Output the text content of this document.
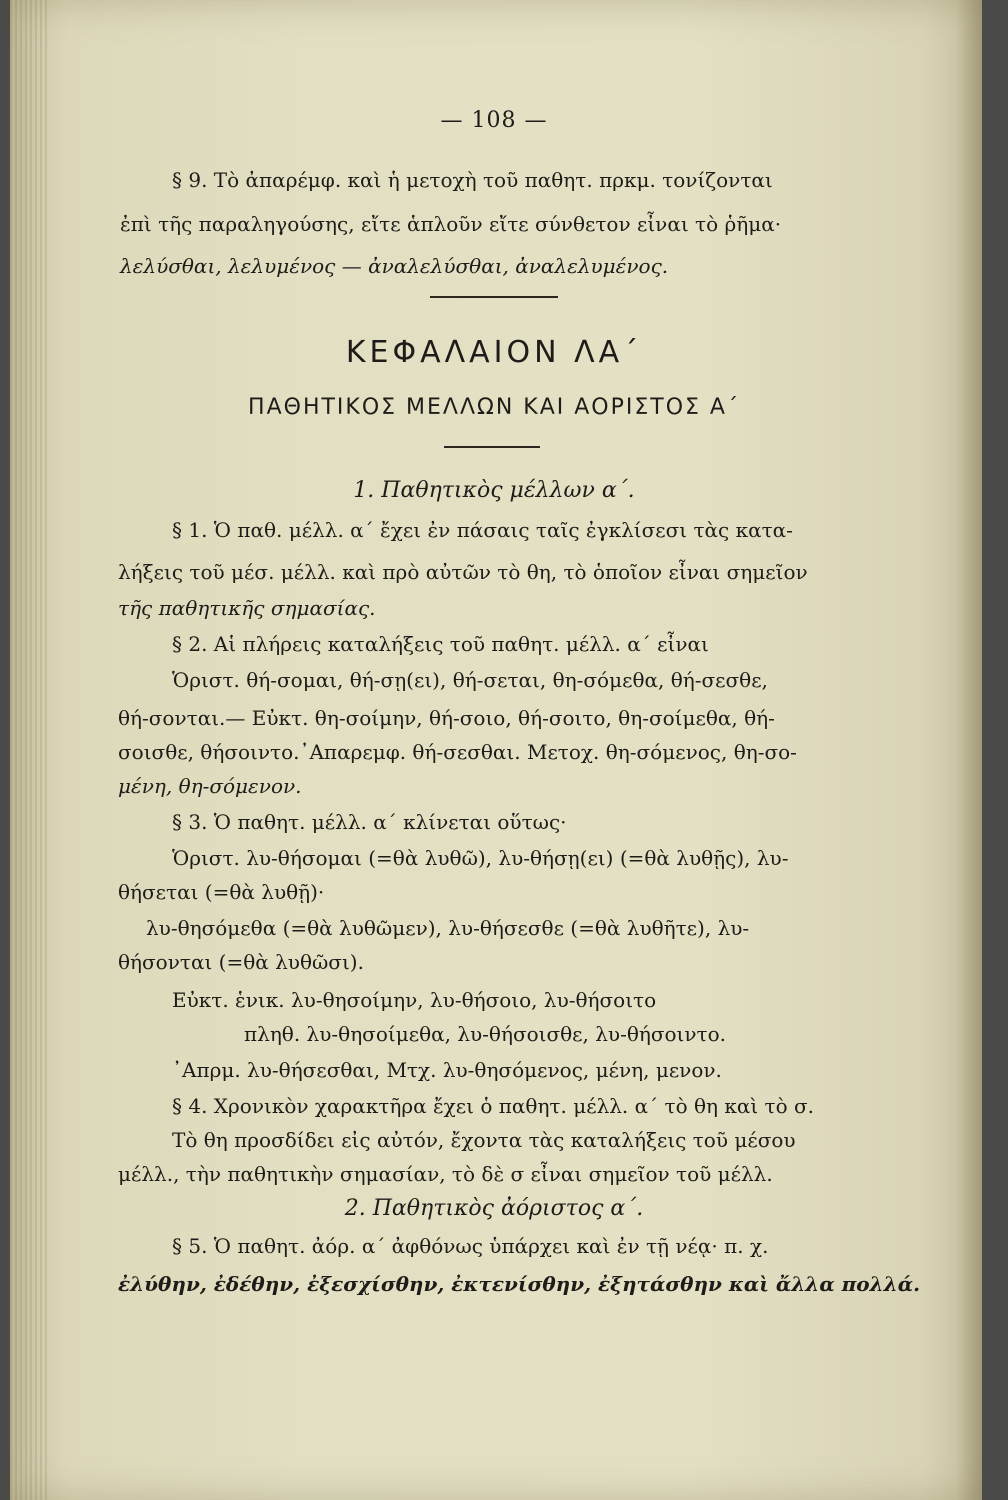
— 108 —
§ 9. Τὸ ἀπαρέμφ. καὶ ἡ μετοχὴ τοῦ παθητ. πρκμ. τονίζονται
ἐπὶ τῆς παραληγούσης, εἴτε ἁπλοῦν εἴτε σύνθετον εἶναι τὸ ῥῆμα·
λελύσθαι, λελυμένος — ἀναλελύσθαι, ἀναλελυμένος.
ΚΕΦΑΛΑΙΟΝ ΛΑ΄
ΠΑΘΗΤΙΚΟΣ ΜΕΛΛΩΝ ΚΑΙ ΑΟΡΙΣΤΟΣ Α΄
1. Παθητικὸς μέλλων α΄.
§ 1. Ὁ παθ. μέλλ. α΄ ἔχει ἐν πάσαις ταῖς ἐγκλίσεσι τὰς κατα-
λήξεις τοῦ μέσ. μέλλ. καὶ πρὸ αὐτῶν τὸ θη, τὸ ὁποῖον εἶναι σημεῖον
τῆς παθητικῆς σημασίας.
§ 2. Αἱ πλήρεις καταλήξεις τοῦ παθητ. μέλλ. α΄ εἶναι
Ὁριστ. θή-σομαι, θή-σῃ(ει), θή-σεται, θη-σόμεθα, θή-σεσθε,
θή-σονται.— Εὐκτ. θη-σοίμην, θή-σοιο, θή-σοιτο, θη-σοίμεθα, θή-
σοισθε, θήσοιντο.᾿Απαρεμφ. θή-σεσθαι. Μετοχ. θη-σόμενος, θη-σο-
μένη, θη-σόμενον.
§ 3. Ὁ παθητ. μέλλ. α΄ κλίνεται οὕτως·
Ὁριστ. λυ-θήσομαι (=θὰ λυθῶ), λυ-θήσῃ(ει) (=θὰ λυθῇς), λυ-
θήσεται (=θὰ λυθῇ)·
λυ-θησόμεθα (=θὰ λυθῶμεν), λυ-θήσεσθε (=θὰ λυθῆτε), λυ-
θήσονται (=θὰ λυθῶσι).
Εὐκτ. ἑνικ. λυ-θησοίμην, λυ-θήσοιο, λυ-θήσοιτο
πληθ. λυ-θησοίμεθα, λυ-θήσοισθε, λυ-θήσοιντο.
᾿Απρμ. λυ-θήσεσθαι, Μτχ. λυ-θησόμενος, μένη, μενον.
§ 4. Χρονικὸν χαρακτῆρα ἔχει ὁ παθητ. μέλλ. α΄ τὸ θη καὶ τὸ σ.
Τὸ θη προσδίδει εἰς αὐτόν, ἔχοντα τὰς καταλήξεις τοῦ μέσου
μέλλ., τὴν παθητικὴν σημασίαν, τὸ δὲ σ εἶναι σημεῖον τοῦ μέλλ.
2. Παθητικὸς ἀόριστος α΄.
§ 5. Ὁ παθητ. ἀόρ. α΄ ἀφθόνως ὑπάρχει καὶ ἐν τῇ νέᾳ· π. χ.
ἐλύθην, ἐδέθην, ἐξεσχίσθην, ἐκτενίσθην, ἐξητάσθην καὶ ἄλλα πολλά.
